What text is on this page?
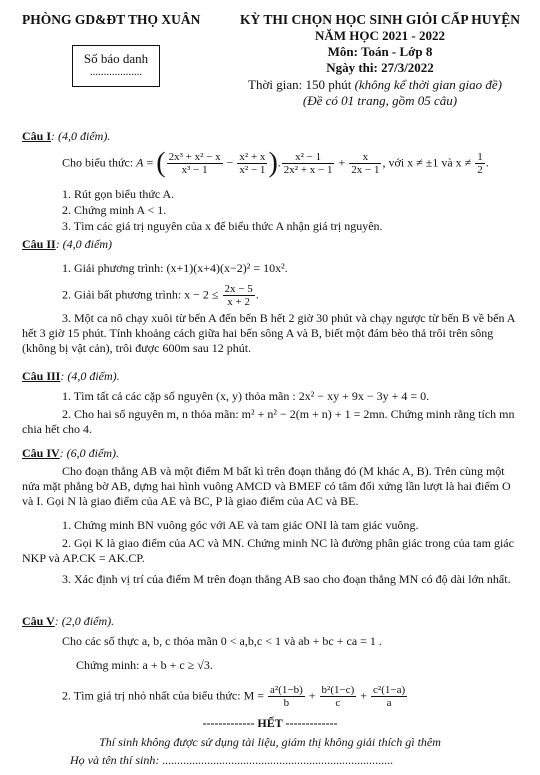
PHÒNG GD&ĐT THỌ XUÂN
Số báo danh
...................
KỲ THI CHỌN HỌC SINH GIỎI CẤP HUYỆN
NĂM HỌC 2021 - 2022
Môn: Toán - Lớp 8
Ngày thi: 27/3/2022
Thời gian: 150 phút (không kể thời gian giao đề)
(Đề có 01 trang, gồm 05 câu)
Câu I: (4,0 điểm).
Cho biểu thức: A = ( $\frac{\text{2x³ + x² − x}}{\text{x³ − 1}} - \frac{\text{x² + x}}{\text{x² − 1}}$ ). $\frac{\text{x² − 1}}{\text{2x² + x − 1}} + \frac{x}{2x - 1}$ , với x ≠ ±1 và $x \ne \frac{1}{2}$ .
1. Rút gọn biểu thức A.
2. Chứng minh A < 1.
3. Tìm các giá trị nguyên của x để biểu thức A nhận giá trị nguyên.
Câu II: (4,0 điểm)
1. Giải phương trình: (x+1)(x+4)(x−2)² = 10x².
2. Giải bất phương trình: $x - 2 \le \frac{2x - 5}{x + 2}$ .
3. Một ca nô chạy xuôi từ bến A đến bến B hết 2 giờ 30 phút và chạy ngược từ bến B về bến A hết 3 giờ 15 phút. Tính khoảng cách giữa hai bến sông A và B, biết một đám bèo thả trôi trên sông (không bị vật cản), trôi được 600m sau 12 phút.
Câu III: (4,0 điểm).
1. Tìm tất cả các cặp số nguyên (x, y) thỏa mãn : 2x² − xy + 9x − 3y + 4 = 0.
2. Cho hai số nguyên m, n thỏa mãn: m² + n² − 2(m + n) + 1 = 2mn. Chứng minh rằng tích mn chia hết cho 4.
Câu IV: (6,0 điểm).
Cho đoạn thẳng AB và một điểm M bất kì trên đoạn thẳng đó (M khác A, B). Trên cùng một nửa mặt phẳng bờ AB, dựng hai hình vuông AMCD và BMEF có tâm đối xứng lần lượt là hai điểm O và I. Gọi N là giao điểm của AE và BC, P là giao điểm của AC và BE.
1. Chứng minh BN vuông góc với AE và tam giác ONI là tam giác vuông.
2. Gọi K là giao điểm của AC và MN. Chứng minh NC là đường phân giác trong của tam giác NKP và AP.CK = AK.CP.
3. Xác định vị trí của điểm M trên đoạn thẳng AB sao cho đoạn thẳng MN có độ dài lớn nhất.
Câu V: (2,0 điểm).
Cho các số thực a, b, c thỏa mãn 0 < a,b,c < 1 và ab + bc + ca = 1 .
Chứng minh: a + b + c ≥ √3.
2. Tìm giá trị nhỏ nhất của biểu thức: $M = \frac{\text{a²(1−b)}}{b} + \frac{\text{b²(1−c)}}{c} + \frac{\text{c²(1−a)}}{a}$
------------- HẾT -------------
Thí sinh không được sử dụng tài liệu, giám thị không giải thích gì thêm
Họ và tên thí sinh: .............................................................................
